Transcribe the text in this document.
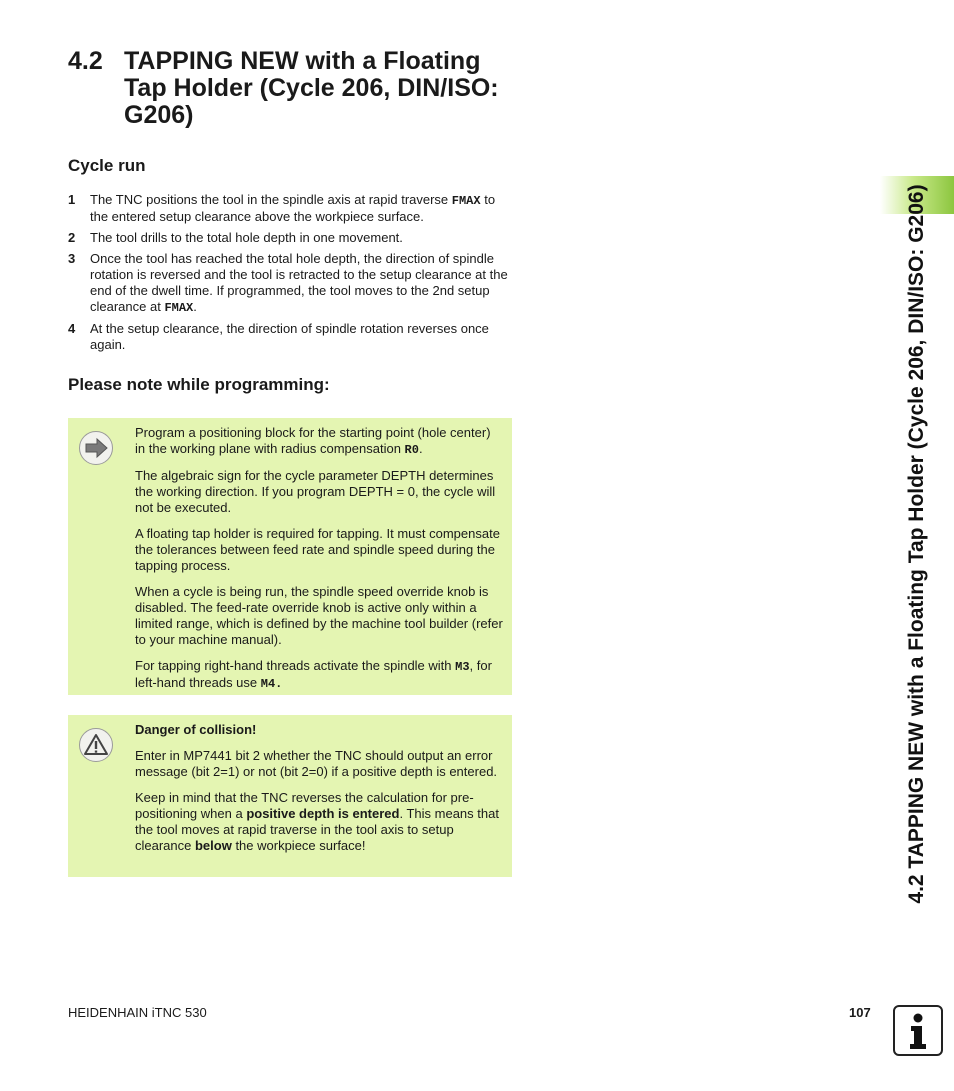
4.2 TAPPING NEW with a Floating Tap Holder (Cycle 206, DIN/ISO: G206)
Cycle run
1	The TNC positions the tool in the spindle axis at rapid traverse FMAX to the entered setup clearance above the workpiece surface.
2	The tool drills to the total hole depth in one movement.
3	Once the tool has reached the total hole depth, the direction of spindle rotation is reversed and the tool is retracted to the setup clearance at the end of the dwell time. If programmed, the tool moves to the 2nd setup clearance at FMAX.
4	At the setup clearance, the direction of spindle rotation reverses once again.
Please note while programming:

Program a positioning block for the starting point (hole center) in the working plane with radius compensation R0.

The algebraic sign for the cycle parameter DEPTH determines the working direction. If you program DEPTH = 0, the cycle will not be executed.

A floating tap holder is required for tapping. It must compensate the tolerances between feed rate and spindle speed during the tapping process.

When a cycle is being run, the spindle speed override knob is disabled. The feed-rate override knob is active only within a limited range, which is defined by the machine tool builder (refer to your machine manual).

For tapping right-hand threads activate the spindle with M3, for left-hand threads use M4.

Danger of collision!

Enter in MP7441 bit 2 whether the TNC should output an error message (bit 2=1) or not (bit 2=0) if a positive depth is entered.

Keep in mind that the TNC reverses the calculation for pre-positioning when a positive depth is entered. This means that the tool moves at rapid traverse in the tool axis to setup clearance below the workpiece surface!	4.2 TAPPING NEW with a Floating Tap Holder (Cycle 206, DIN/ISO: G206)
HEIDENHAIN iTNC 530	107
